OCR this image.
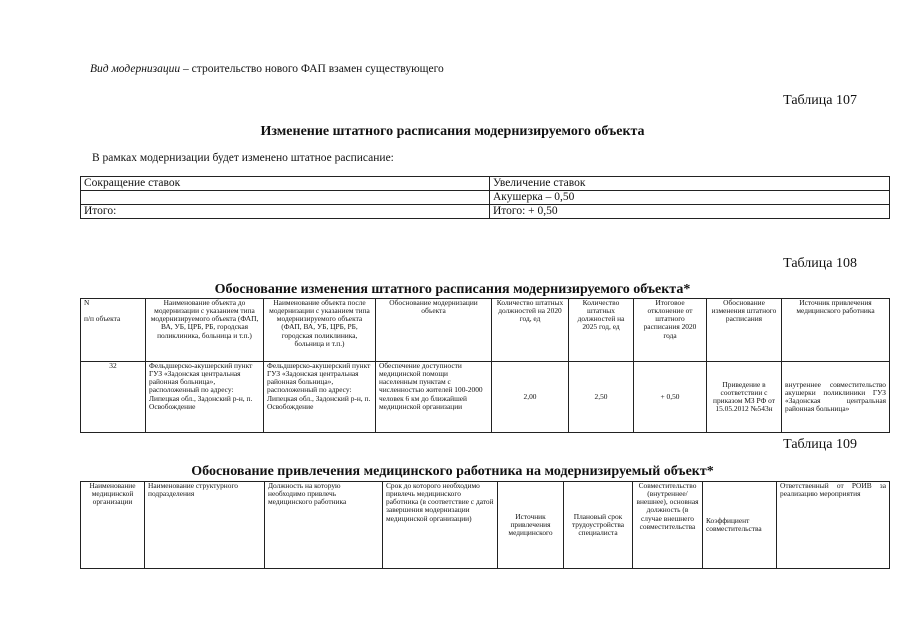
Вид модернизации – строительство нового ФАП взамен существующего
Таблица 107
Изменение штатного расписания модернизируемого объекта
В рамках модернизации будет изменено штатное расписание:
Сокращение ставок	Увеличение ставок
	Акушерка – 0,50
Итого:	Итого: + 0,50
Таблица 108
Обоснование изменения штатного расписания модернизируемого объекта*
N

п/п объекта	Наименование объекта до модернизации с указанием типа модернизируемого объекта (ФАП, ВА, УБ, ЦРБ, РБ, городская поликлиника, больница и т.п.)	Наименование объекта после модернизации с указанием типа модернизируемого объекта (ФАП, ВА, УБ, ЦРБ, РБ, городская поликлиника, больница и т.п.)	Обоснование модернизации объекта	Количество штатных должностей на 2020 год, ед	Количество штатных должностей на 2025 год, ед	Итоговое отклонение от штатного расписания 2020 года	Обоснование изменения штатного расписания	Источник привлечения медицинского работника
32	Фельдшерско-акушерский пункт ГУЗ «Задонская центральная районная больница», расположенный по адресу: Липецкая обл., Задонский р-н, п. Освобождение	Фельдшерско-акушерский пункт ГУЗ «Задонская центральная районная больница», расположенный по адресу: Липецкая обл., Задонский р-н, п. Освобождение	Обеспечение доступности медицинской помощи населенным пунктам с численностью жителей 100-2000 человек 6 км до ближайшей медицинской организации	2,00	2,50	+ 0,50	Приведение в соответствии с приказом МЗ РФ от 15.05.2012 №543н	внутреннее совместительство акушерки поликлиники ГУЗ «Задонская центральная районная больница»
Таблица 109
Обоснование привлечения медицинского работника на модернизируемый объект*
Наименование медицинской организации	Наименование структурного подразделения	Должность на которую необходимо привлечь медицинского работника	Срок до которого необходимо привлечь медицинского работника (в соответствие с датой завершения модернизации медицинской организации)	Источник привлечения медицинского	Плановый срок трудоустройства специалиста	Совместительство (внутреннее/внешнее), основная должность (в случае внешнего совместительства	Коэффициент совместительства	Ответственный от РОИВ за реализацию мероприятия
